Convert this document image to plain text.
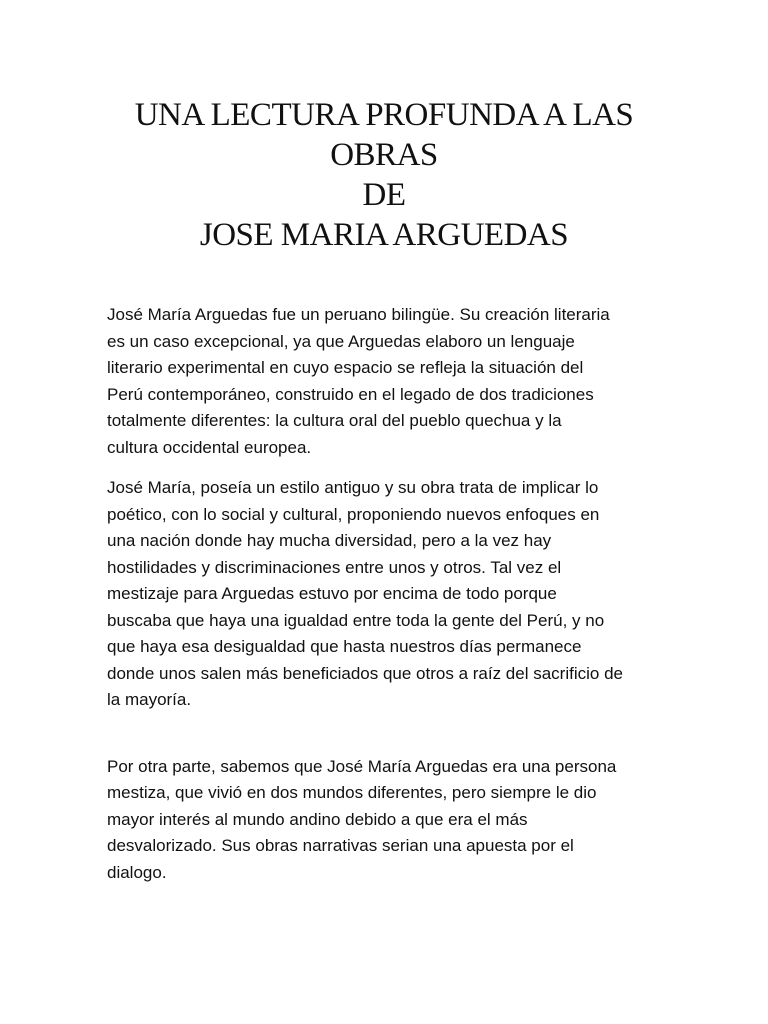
UNA LECTURA PROFUNDA A LAS
OBRAS
DE
JOSE MARIA ARGUEDAS

José María Arguedas fue un peruano bilingüe. Su creación literaria
es un caso excepcional, ya que Arguedas elaboro un lenguaje
literario experimental en cuyo espacio se refleja la situación del
Perú contemporáneo, construido en el legado de dos tradiciones
totalmente diferentes: la cultura oral del pueblo quechua y la
cultura occidental europea.

José María, poseía un estilo antiguo y su obra trata de implicar lo
poético, con lo social y cultural, proponiendo nuevos enfoques en
una nación donde hay mucha diversidad, pero a la vez hay
hostilidades y discriminaciones entre unos y otros. Tal vez el
mestizaje para Arguedas estuvo por encima de todo porque
buscaba que haya una igualdad entre toda la gente del Perú, y no
que haya esa desigualdad que hasta nuestros días permanece
donde unos salen más beneficiados que otros a raíz del sacrificio de
la mayoría.

Por otra parte, sabemos que José María Arguedas era una persona
mestiza, que vivió en dos mundos diferentes, pero siempre le dio
mayor interés al mundo andino debido a que era el más
desvalorizado. Sus obras narrativas serian una apuesta por el
dialogo.
